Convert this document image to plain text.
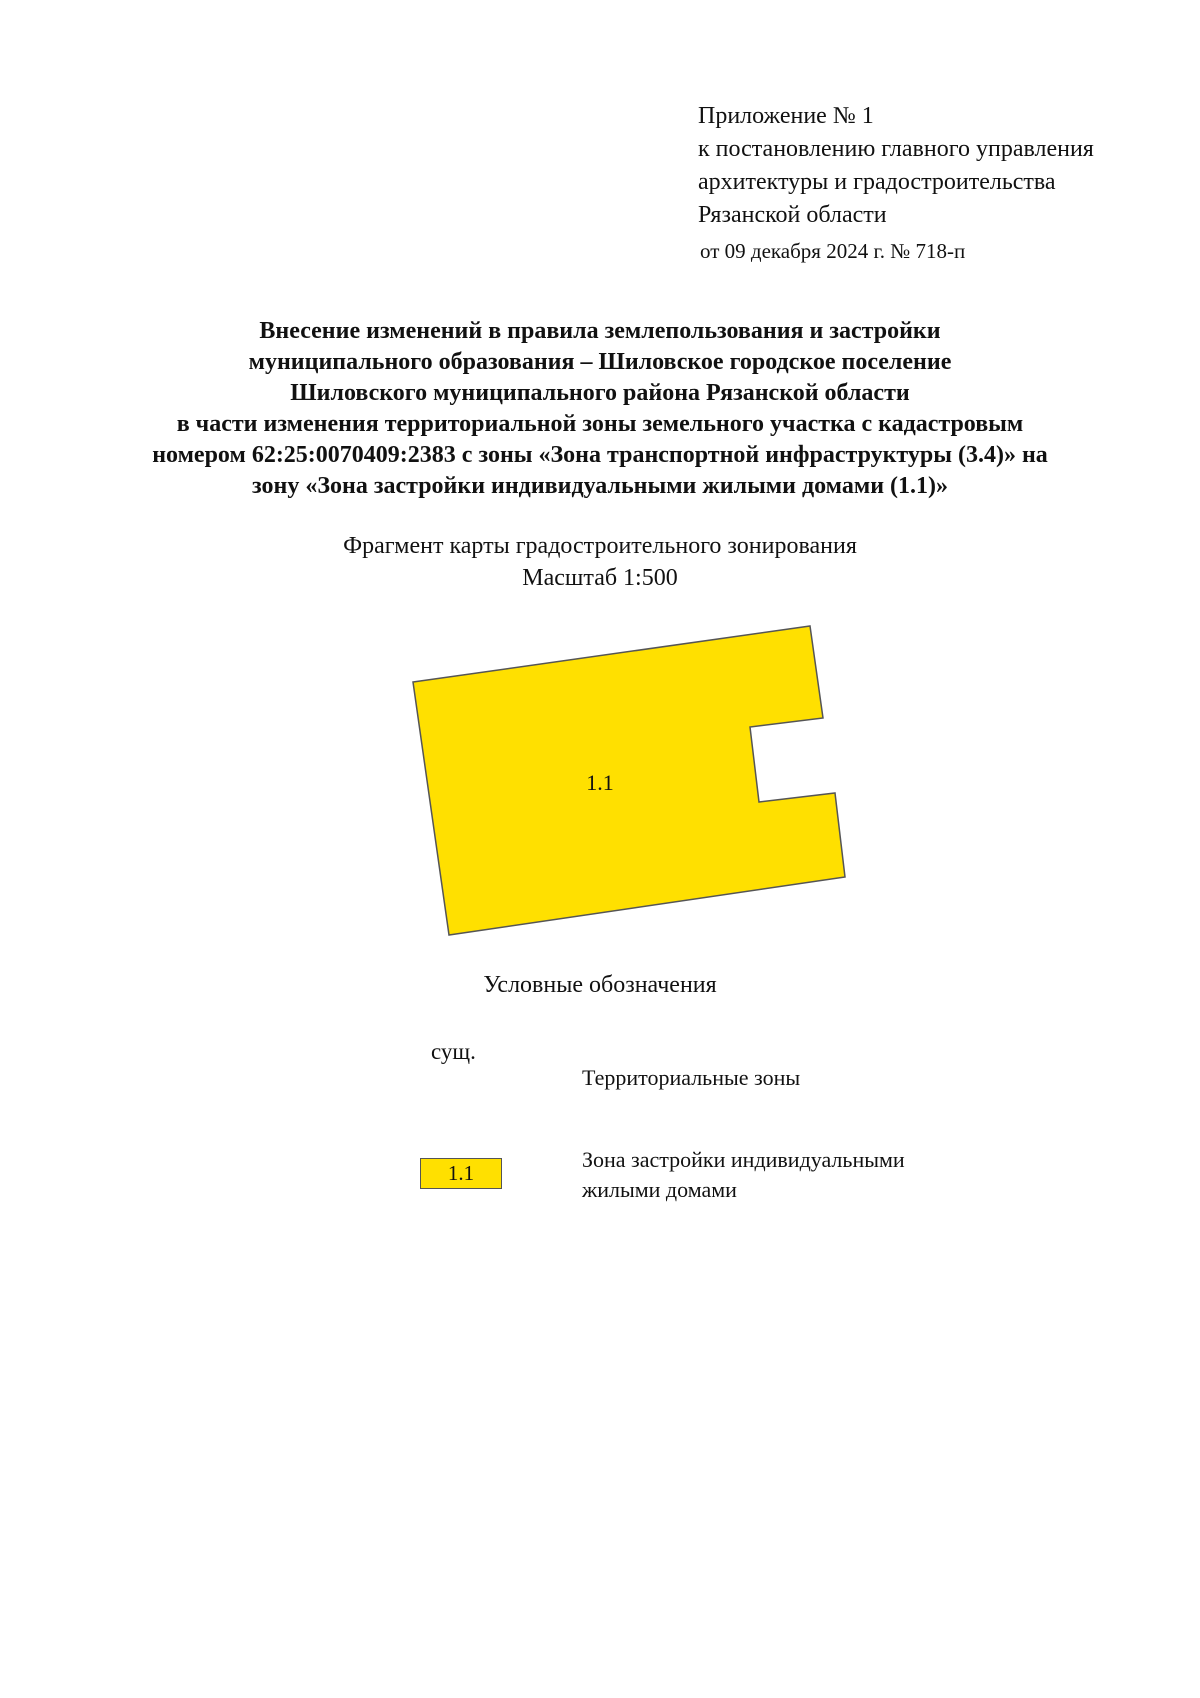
Приложение № 1
к постановлению главного управления
архитектуры и градостроительства
Рязанской области
от 09 декабря 2024 г. № 718-п
Внесение изменений в правила землепользования и застройки
муниципального образования – Шиловское городское поселение
Шиловского муниципального района Рязанской области
в части изменения территориальной зоны земельного участка с кадастровым
номером 62:25:0070409:2383 с зоны «Зона транспортной инфраструктуры (3.4)» на
зону «Зона застройки индивидуальными жилыми домами (1.1)»
Фрагмент карты градостроительного зонирования
Масштаб 1:500
1.1
Условные обозначения
сущ.
Территориальные зоны
1.1
Зона застройки индивидуальными
жилыми домами
